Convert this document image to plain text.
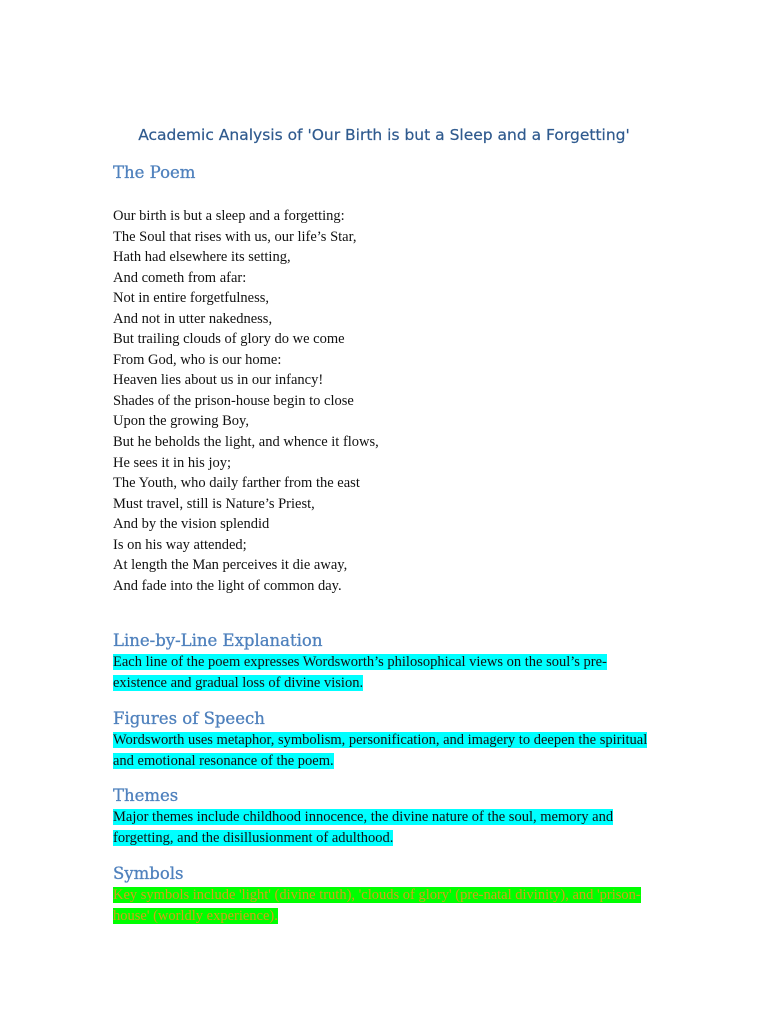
Academic Analysis of 'Our Birth is but a Sleep and a Forgetting'
The Poem
Our birth is but a sleep and a forgetting:
The Soul that rises with us, our life’s Star,
Hath had elsewhere its setting,
And cometh from afar:
Not in entire forgetfulness,
And not in utter nakedness,
But trailing clouds of glory do we come
From God, who is our home:
Heaven lies about us in our infancy!
Shades of the prison-house begin to close
Upon the growing Boy,
But he beholds the light, and whence it flows,
He sees it in his joy;
The Youth, who daily farther from the east
Must travel, still is Nature’s Priest,
And by the vision splendid
Is on his way attended;
At length the Man perceives it die away,
And fade into the light of common day.
Line-by-Line Explanation

Each line of the poem expresses Wordsworth’s philosophical views on the soul’s pre-existence and gradual loss of divine vision.

Figures of Speech

Wordsworth uses metaphor, symbolism, personification, and imagery to deepen the spiritual and emotional resonance of the poem.

Themes

Major themes include childhood innocence, the divine nature of the soul, memory and forgetting, and the disillusionment of adulthood.

Symbols

Key symbols include 'light' (divine truth), 'clouds of glory' (pre-natal divinity), and 'prison-house' (worldly experience).
